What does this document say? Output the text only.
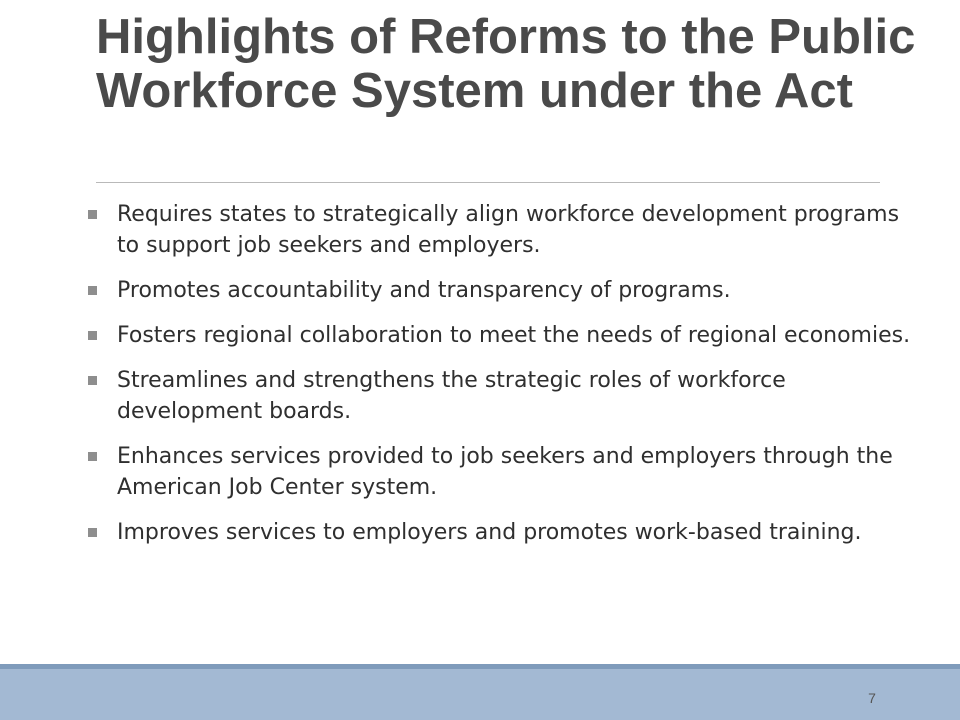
Highlights of Reforms to the Public Workforce System under the Act
Requires states to strategically align workforce development programs to support job seekers and employers.
Promotes accountability and transparency of programs.
Fosters regional collaboration to meet the needs of regional economies.
Streamlines and strengthens the strategic roles of workforce development boards.
Enhances services provided to job seekers and employers through the American Job Center system.
Improves services to employers and promotes work-based training.
7
